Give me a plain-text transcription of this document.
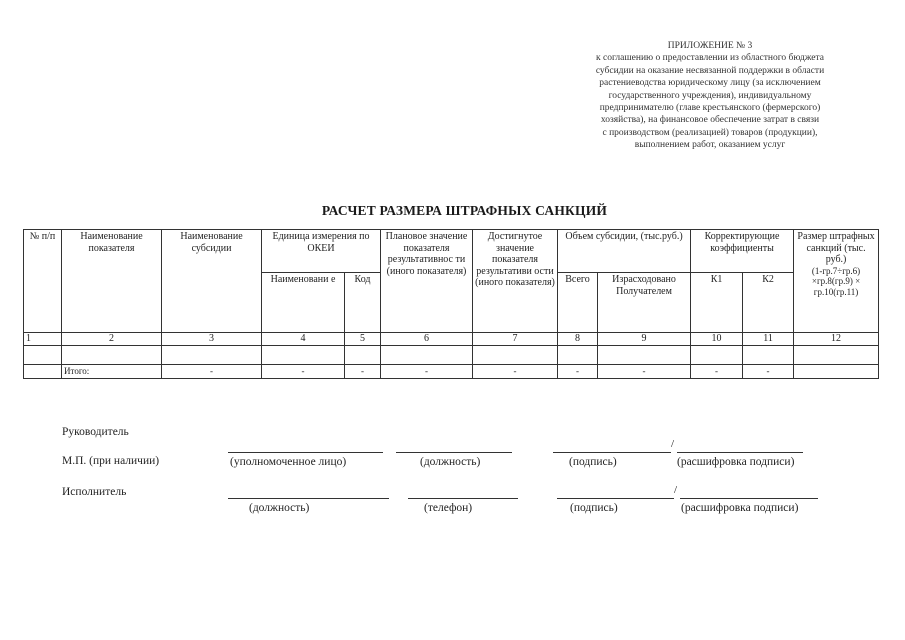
ПРИЛОЖЕНИЕ № 3
к соглашению о предоставлении из областного бюджета
субсидии на оказание несвязанной поддержки в области
растениеводства юридическому лицу (за исключением
государственного учреждения), индивидуальному
предпринимателю (главе крестьянского (фермерского)
хозяйства), на финансовое обеспечение затрат в связи
с производством (реализацией) товаров (продукции),
выполнением работ, оказанием услуг
РАСЧЕТ РАЗМЕРА ШТРАФНЫХ САНКЦИЙ
№ п/п	Наименование показателя	Наименование субсидии	Единица измерения по ОКЕИ		Плановое значение показателя результативнос ти (иного показателя)	Достигнутое значение показателя результативи ости (иного показателя)	Объем субсидии, (тыс.руб.)		Корректирующие коэффициенты		Размер штрафных санкций (тыс. руб.)
(1-гр.7÷гр.6) ×гр.8(гр.9) × гр.10(гр.11)

			Наименовани е	Код			Всего	Израсходовано Получателем	К1	К2	
1	2	3	4	5	6	7	8	9	10	11	12

	Итого:	-	-	-	-	-	-	-	-	-	
Руководитель
М.П. (при наличии)
/
(уполномоченное лицо)	(должность)	(подпись)	(расшифровка подписи)
Исполнитель	/
(должность)	(телефон)	(подпись)	(расшифровка подписи)
